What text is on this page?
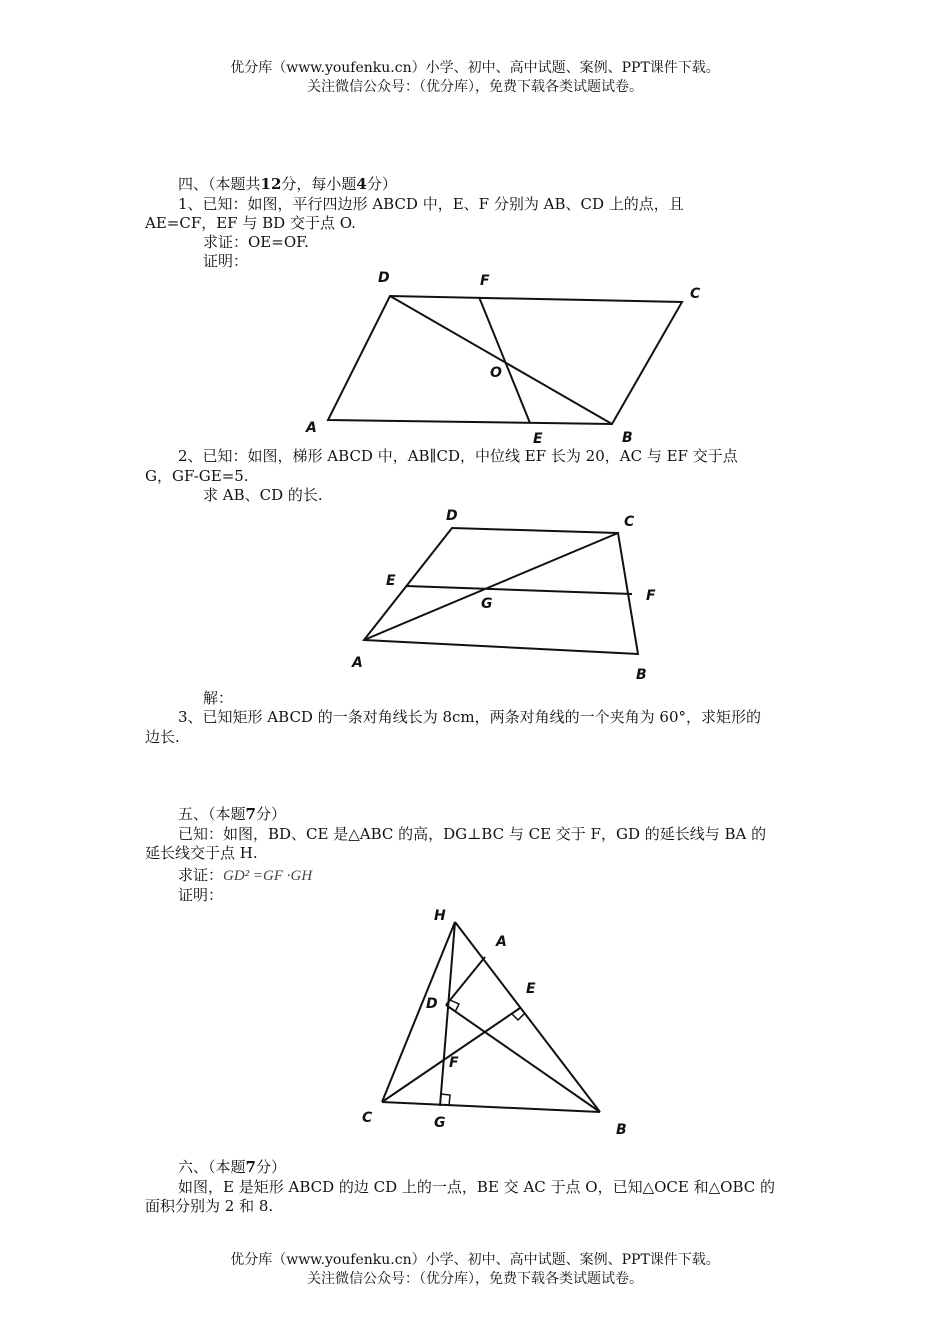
优分库（www.youfenku.cn）小学、初中、高中试题、案例、PPT课件下载。
关注微信公众号：（优分库），免费下载各类试题试卷。
四、（本题共12分，每小题4分）
1、已知：如图，平行四边形 ABCD 中，E、F 分别为 AB、CD 上的点，且
AE=CF，EF 与 BD 交于点 O.
求证：OE=OF.
证明：
D	F
C
O
A
E	B
D	C
E
G	F
A
B
H
A
E
D
F
C	G	B
2、已知：如图，梯形 ABCD 中，AB∥CD，中位线 EF 长为 20，AC 与 EF 交于点
G，GF-GE=5.
求 AB、CD 的长.
解：
3、已知矩形 ABCD 的一条对角线长为 8cm，两条对角线的一个夹角为 60°，求矩形的
边长.
五、（本题7分）
已知：如图，BD、CE 是△ABC 的高，DG⊥BC 与 CE 交于 F，GD 的延长线与 BA 的
延长线交于点 H.
求证：GD² =GF ·GH
证明：
六、（本题7分）
如图，E 是矩形 ABCD 的边 CD 上的一点，BE 交 AC 于点 O，已知△OCE 和△OBC 的
面积分别为 2 和 8.
优分库（www.youfenku.cn）小学、初中、高中试题、案例、PPT课件下载。
关注微信公众号：（优分库），免费下载各类试题试卷。
